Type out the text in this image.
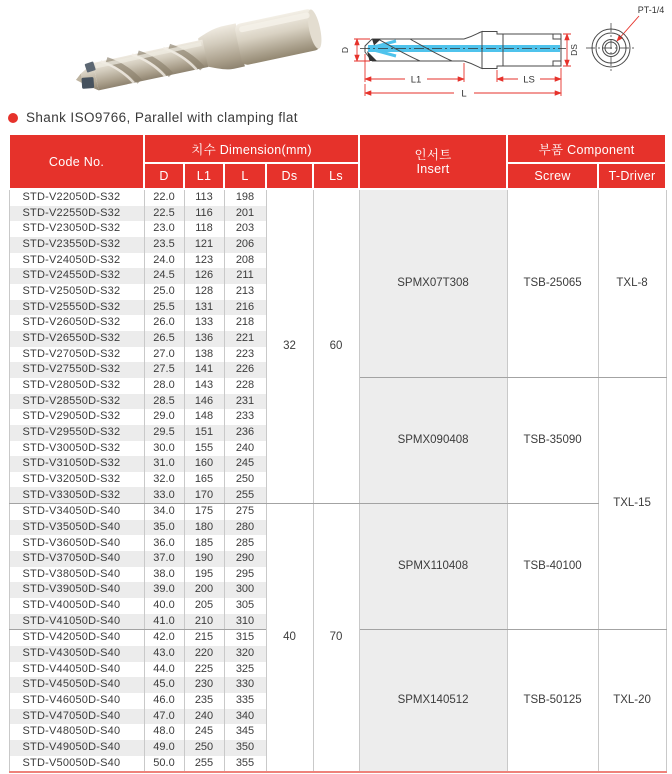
D	DS
L1	LS
L
PT-1/4
Shank ISO9766, Parallel with clamping flat
Code No.	치수 Dimension(mm)					인서트
Insert	부품 Component	
	D	L1	L	Ds	Ls		Screw	T-Driver
STD-V22050D-S32	22.0	113	198	32	60	SPMX07T308	TSB-25065	TXL-8
STD-V22550D-S32	22.5	116	201					
STD-V23050D-S32	23.0	118	203					
STD-V23550D-S32	23.5	121	206					
STD-V24050D-S32	24.0	123	208					
STD-V24550D-S32	24.5	126	211					
STD-V25050D-S32	25.0	128	213					
STD-V25550D-S32	25.5	131	216					
STD-V26050D-S32	26.0	133	218					
STD-V26550D-S32	26.5	136	221					
STD-V27050D-S32	27.0	138	223					
STD-V27550D-S32	27.5	141	226					
STD-V28050D-S32	28.0	143	228			SPMX090408	TSB-35090	TXL-15
STD-V28550D-S32	28.5	146	231					
STD-V29050D-S32	29.0	148	233					
STD-V29550D-S32	29.5	151	236					
STD-V30050D-S32	30.0	155	240					
STD-V31050D-S32	31.0	160	245					
STD-V32050D-S32	32.0	165	250					
STD-V33050D-S32	33.0	170	255					
STD-V34050D-S40	34.0	175	275	40	70	SPMX110408	TSB-40100	
STD-V35050D-S40	35.0	180	280					
STD-V36050D-S40	36.0	185	285					
STD-V37050D-S40	37.0	190	290					
STD-V38050D-S40	38.0	195	295					
STD-V39050D-S40	39.0	200	300					
STD-V40050D-S40	40.0	205	305					
STD-V41050D-S40	41.0	210	310					
STD-V42050D-S40	42.0	215	315			SPMX140512	TSB-50125	TXL-20
STD-V43050D-S40	43.0	220	320					
STD-V44050D-S40	44.0	225	325					
STD-V45050D-S40	45.0	230	330					
STD-V46050D-S40	46.0	235	335					
STD-V47050D-S40	47.0	240	340					
STD-V48050D-S40	48.0	245	345					
STD-V49050D-S40	49.0	250	350					
STD-V50050D-S40	50.0	255	355					
